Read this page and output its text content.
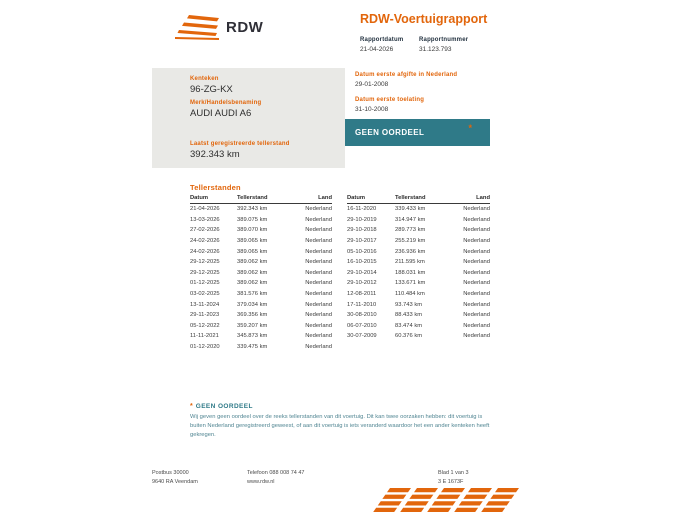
RDW	RDW-Voertuigrapport
Rapportdatum
21-04-2026
Rapportnummer
31.123.793
Kenteken
96-ZG-KX
Merk/Handelsbenaming
AUDI AUDI A6
Laatst geregistreerde tellerstand
392.343 km
Datum eerste afgifte in Nederland
29-01-2008
Datum eerste toelating
31-10-2008
GEEN OORDEEL	*
Tellerstanden
Datum	Tellerstand	Land
21-04-2026	392.343 km	Nederland
13-03-2026	389.075 km	Nederland
27-02-2026	389.070 km	Nederland
24-02-2026	389.065 km	Nederland
24-02-2026	389.065 km	Nederland
29-12-2025	389.062 km	Nederland
29-12-2025	389.062 km	Nederland
01-12-2025	389.062 km	Nederland
03-02-2025	381.576 km	Nederland
13-11-2024	379.034 km	Nederland
29-11-2023	369.356 km	Nederland
05-12-2022	359.207 km	Nederland
11-11-2021	345.873 km	Nederland
01-12-2020	339.475 km	Nederland
Datum	Tellerstand	Land
16-11-2020	339.433 km	Nederland
29-10-2019	314.947 km	Nederland
29-10-2018	289.773 km	Nederland
29-10-2017	255.219 km	Nederland
05-10-2016	236.936 km	Nederland
16-10-2015	211.595 km	Nederland
29-10-2014	188.031 km	Nederland
29-10-2012	133.671 km	Nederland
12-08-2011	110.484 km	Nederland
17-11-2010	93.743 km	Nederland
30-08-2010	88.433 km	Nederland
06-07-2010	83.474 km	Nederland
30-07-2009	60.376 km	Nederland
* GEEN OORDEEL
Wij geven geen oordeel over de reeks tellerstanden van dit voertuig. Dit kan twee oorzaken hebben: dit voertuig is buiten Nederland geregistreerd geweest, of aan dit voertuig is iets veranderd waardoor het een ander kenteken heeft gekregen.
Postbus 30000
9640 RA Veendam
Telefoon 088 008 74 47
www.rdw.nl
Blad 1 van 3
3 E 1673F
